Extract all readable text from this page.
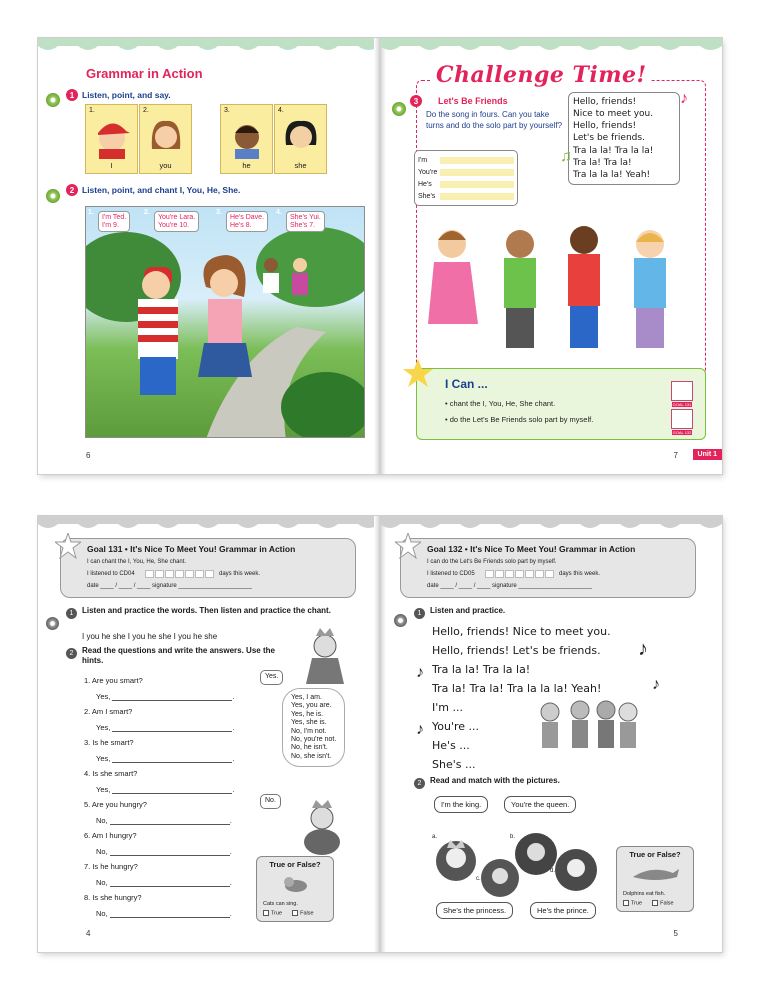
Grammar in Action
1 Listen, point, and say.
1.
I
2.
you
3.
he
4.
she
2 Listen, point, and chant I, You, He, She.
1.
I'm Ted.
I'm 9.
2.
You're Lara.
You're 10.
3.
He's Dave.
He's 8.
4.
She's Yui.
She's 7.
6
Challenge Time!
3	Let's Be Friends
Do the song in fours. Can you take turns and do the solo part by yourself?
Hello, friends!
Nice to meet you.
Hello, friends!
Let's be friends.
Tra la la! Tra la la!
Tra la! Tra la!
Tra la la la! Yeah!
♪
♫
I'm
You're
He's
She's
I Can ...
• chant the I, You, He, She chant.
• do the Let's Be Friends solo part by myself.
GOAL 131
GOAL 132
7	Unit 1
Goal 131 • It's Nice To Meet You! Grammar in Action
I can chant the I, You, He, She chant.
I listened to CD04	days this week.
date ____ / ____ / ____ signature ______________________
1	Listen and practice the words. Then listen and practice the chant.
I you he she I you he she I you he she
2	Read the questions and write the answers. Use the hints.
1. Are you smart?
Yes,	.
2. Am I smart?
Yes,	.
3. Is he smart?
Yes,	.
4. Is she smart?
Yes,	.
5. Are you hungry?
No,	.
6. Am I hungry?
No,	.
7. Is he hungry?
No,	.
8. Is she hungry?
No,	.
Yes.
Yes, I am.
Yes, you are.
Yes, he is.
Yes, she is.
No, I'm not.
No, you're not.
No, he isn't.
No, she isn't.
No.
True or False?
Cats can sing.
True	False
4
Goal 132 • It's Nice To Meet You! Grammar in Action
I can do the Let's Be Friends solo part by myself.
I listened to CD05	days this week.
date ____ / ____ / ____ signature ______________________
1	Listen and practice.
Hello, friends! Nice to meet you.
Hello, friends! Let's be friends.
Tra la la! Tra la la!
Tra la! Tra la! Tra la la la! Yeah!
I'm ...
You're ...
He's ...
She's ...
♪
♪
♪
♪
2	Read and match with the pictures.
I'm the king.	You're the queen.
a.	b.
c.
d.
She's the princess.	He's the prince.
True or False?
Dolphins eat fish.
True	False
5
